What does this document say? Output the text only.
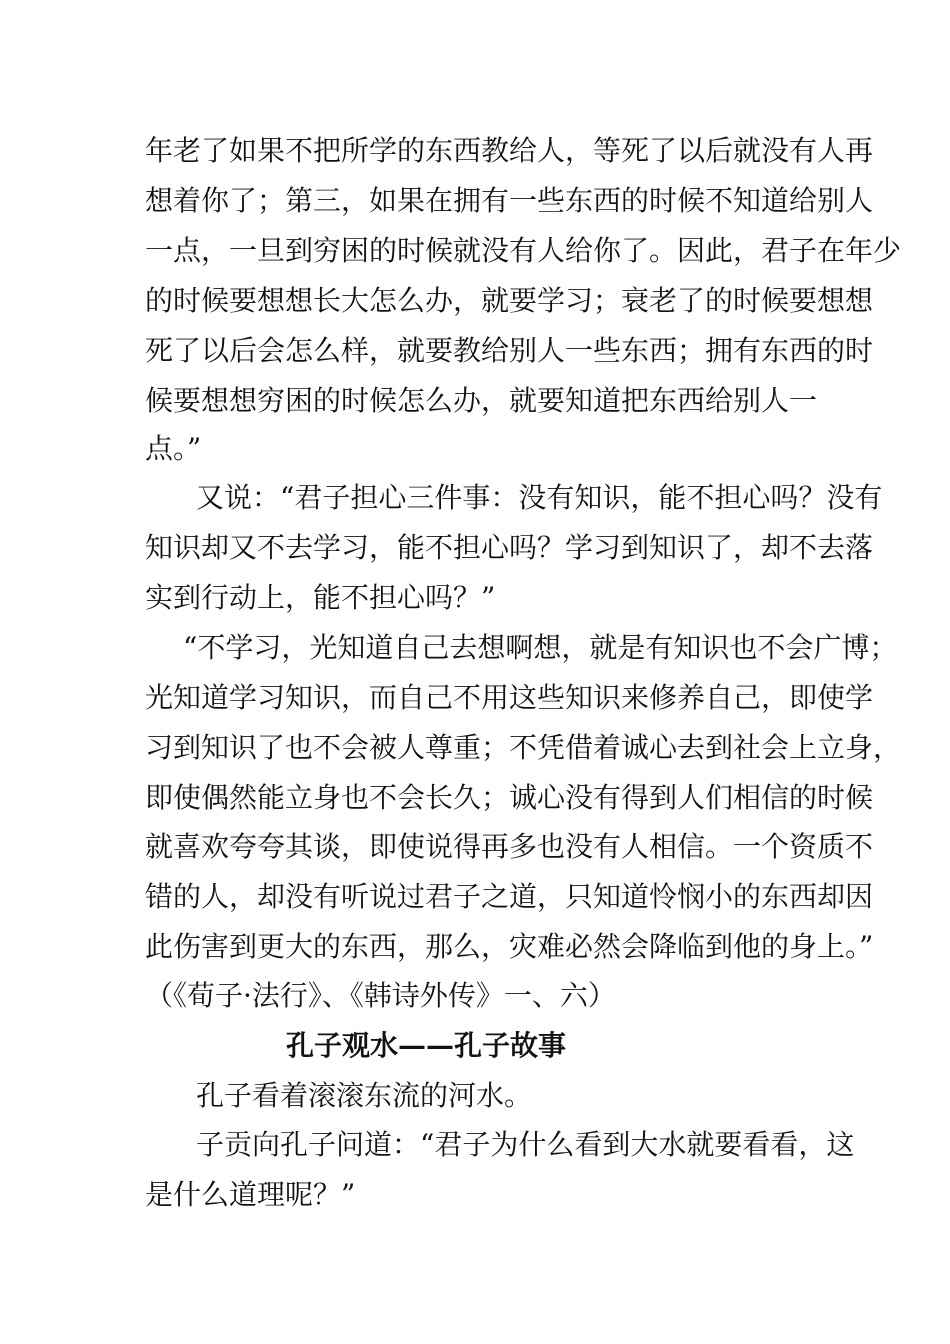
年老了如果不把所学的东西教给人，等死了以后就没有人再
想着你了；第三，如果在拥有一些东西的时候不知道给别人
一点，一旦到穷困的时候就没有人给你了。因此，君子在年少
的时候要想想长大怎么办，就要学习；衰老了的时候要想想
死了以后会怎么样，就要教给别人一些东西；拥有东西的时
候要想想穷困的时候怎么办，就要知道把东西给别人一
点。”
又说：“君子担心三件事：没有知识，能不担心吗？没有
知识却又不去学习，能不担心吗？学习到知识了，却不去落
实到行动上，能不担心吗？”
“不学习，光知道自己去想啊想，就是有知识也不会广博；
光知道学习知识，而自己不用这些知识来修养自己，即使学
习到知识了也不会被人尊重；不凭借着诚心去到社会上立身，
即使偶然能立身也不会长久；诚心没有得到人们相信的时候
就喜欢夸夸其谈，即使说得再多也没有人相信。一个资质不
错的人，却没有听说过君子之道，只知道怜悯小的东西却因
此伤害到更大的东西，那么，灾难必然会降临到他的身上。”
（《荀子·法行》、《韩诗外传》一、六）
孔子观水——孔子故事
孔子看着滚滚东流的河水。
子贡向孔子问道：“君子为什么看到大水就要看看，这
是什么道理呢？”
